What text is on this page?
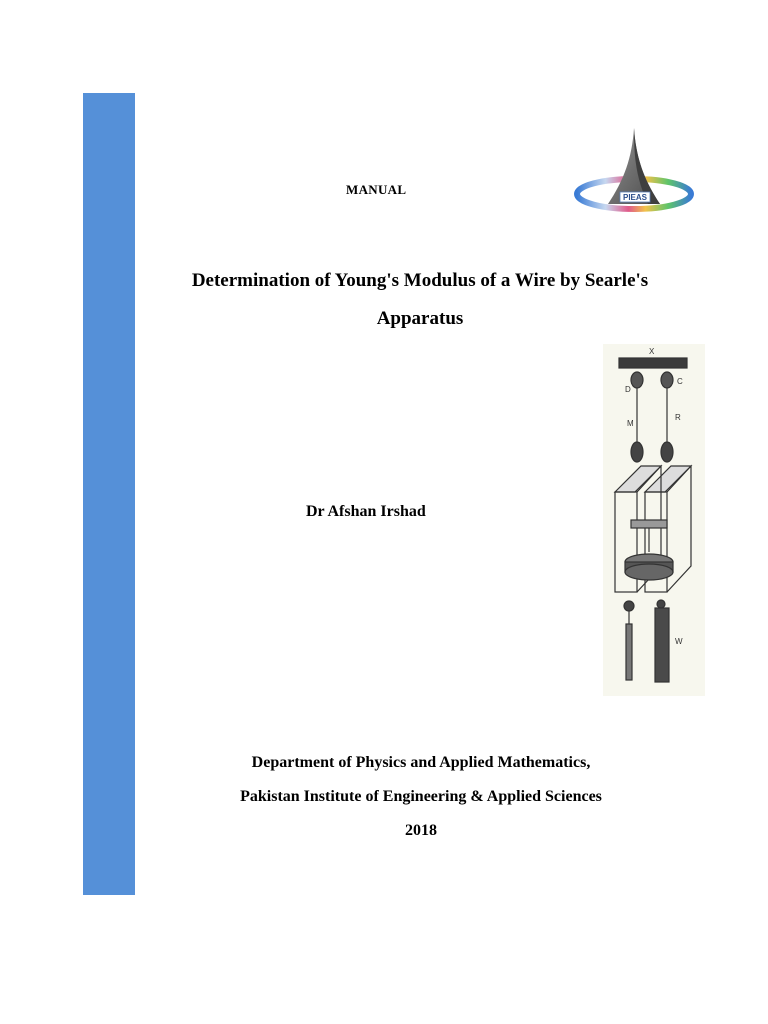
MANUAL
PIEAS
Determination of Young's Modulus of a Wire by Searle's
Apparatus
Dr Afshan Irshad
X
D
C
M
R
W
Department of Physics and Applied Mathematics,
Pakistan Institute of Engineering & Applied Sciences
2018
